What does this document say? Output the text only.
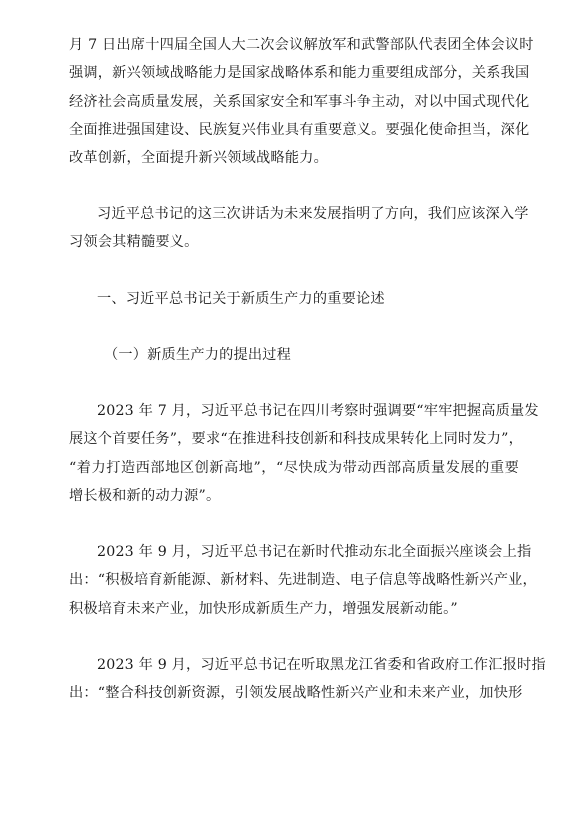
月 7 日出席十四届全国人大二次会议解放军和武警部队代表团全体会议时
强调，新兴领域战略能力是国家战略体系和能力重要组成部分，关系我国
经济社会高质量发展，关系国家安全和军事斗争主动，对以中国式现代化
全面推进强国建设、民族复兴伟业具有重要意义。要强化使命担当，深化
改革创新，全面提升新兴领域战略能力。
习近平总书记的这三次讲话为未来发展指明了方向，我们应该深入学
习领会其精髓要义。
一、习近平总书记关于新质生产力的重要论述
（一）新质生产力的提出过程
2023 年 7 月，习近平总书记在四川考察时强调要“牢牢把握高质量发
展这个首要任务”，要求“在推进科技创新和科技成果转化上同时发力”，
“着力打造西部地区创新高地”，“尽快成为带动西部高质量发展的重要
增长极和新的动力源”。
2023 年 9 月，习近平总书记在新时代推动东北全面振兴座谈会上指
出：“积极培育新能源、新材料、先进制造、电子信息等战略性新兴产业，
积极培育未来产业，加快形成新质生产力，增强发展新动能。”
2023 年 9 月，习近平总书记在听取黑龙江省委和省政府工作汇报时指
出：“整合科技创新资源，引领发展战略性新兴产业和未来产业，加快形
